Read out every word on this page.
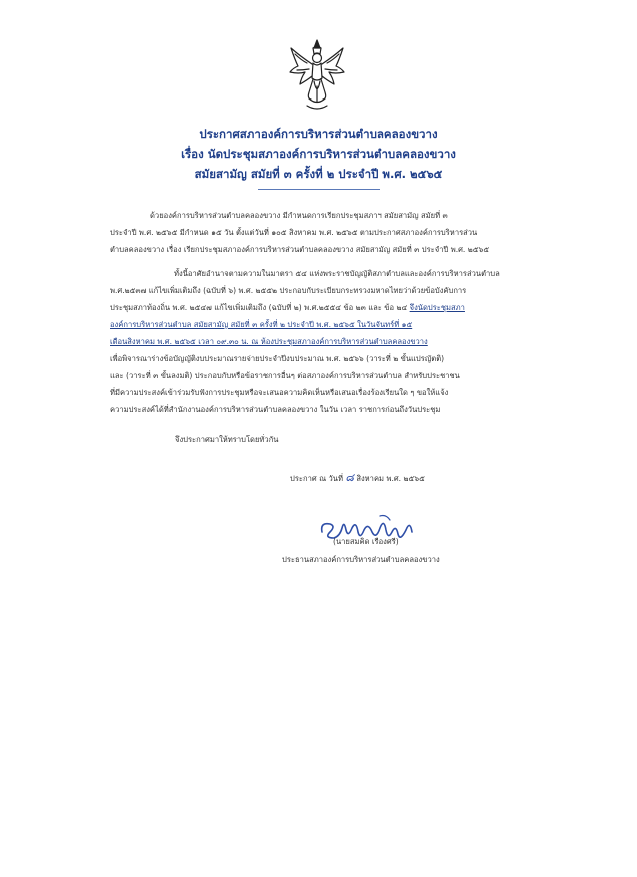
ประกาศสภาองค์การบริหารส่วนตำบลคลองขวาง
เรื่อง นัดประชุมสภาองค์การบริหารส่วนตำบลคลองขวาง
สมัยสามัญ สมัยที่ ๓ ครั้งที่ ๒ ประจำปี พ.ศ. ๒๕๖๕
ด้วยองค์การบริหารส่วนตำบลคลองขวาง มีกำหนดการเรียกประชุมสภาฯ สมัยสามัญ สมัยที่ ๓
ประจำปี พ.ศ. ๒๕๖๕ มีกำหนด ๑๕ วัน ตั้งแต่วันที่ ๑๐๕ สิงหาคม พ.ศ. ๒๕๖๕ ตามประกาศสภาองค์การบริหารส่วน
ตำบลคลองขวาง เรื่อง เรียกประชุมสภาองค์การบริหารส่วนตำบลคลองขวาง สมัยสามัญ สมัยที่ ๓ ประจำปี พ.ศ. ๒๕๖๕
ทั้งนี้อาศัยอำนาจตามความในมาตรา ๕๔ แห่งพระราชบัญญัติสภาตำบลและองค์การบริหารส่วนตำบล
พ.ศ.๒๕๓๗ แก้ไขเพิ่มเติมถึง (ฉบับที่ ๖) พ.ศ. ๒๕๕๒ ประกอบกับระเบียบกระทรวงมหาดไทยว่าด้วยข้อบังคับการ
ประชุมสภาท้องถิ่น พ.ศ. ๒๕๔๗ แก้ไขเพิ่มเติมถึง (ฉบับที่ ๒) พ.ศ.๒๕๕๔ ข้อ ๒๓ และ ข้อ ๒๔ จึงนัดประชุมสภา
องค์การบริหารส่วนตำบล สมัยสามัญ สมัยที่ ๓ ครั้งที่ ๒ ประจำปี พ.ศ. ๒๕๖๕ ในวันจันทร์ที่ ๑๕
เดือนสิงหาคม พ.ศ. ๒๕๖๕ เวลา ๐๙.๓๐ น. ณ ห้องประชุมสภาองค์การบริหารส่วนตำบลคลองขวาง
เพื่อพิจารณาร่างข้อบัญญัติงบประมาณรายจ่ายประจำปีงบประมาณ พ.ศ. ๒๕๖๖ (วาระที่ ๒ ขั้นแปรญัตติ)
และ (วาระที่ ๓ ขั้นลงมติ) ประกอบกับหรือข้อราชการอื่นๆ ต่อสภาองค์การบริหารส่วนตำบล สำหรับประชาชน
ที่มีความประสงค์เข้าร่วมรับฟังการประชุมหรือจะเสนอความคิดเห็นหรือเสนอเรื่องร้องเรียนใด ๆ ขอให้แจ้ง
ความประสงค์ได้ที่สำนักงานองค์การบริหารส่วนตำบลคลองขวาง ในวัน เวลา ราชการก่อนถึงวันประชุม
จึงประกาศมาให้ทราบโดยทั่วกัน
ประกาศ ณ วันที่ ๘ สิงหาคม พ.ศ. ๒๕๖๕
(นายสมคิด เรืองศรี)
ประธานสภาองค์การบริหารส่วนตำบลคลองขวาง
